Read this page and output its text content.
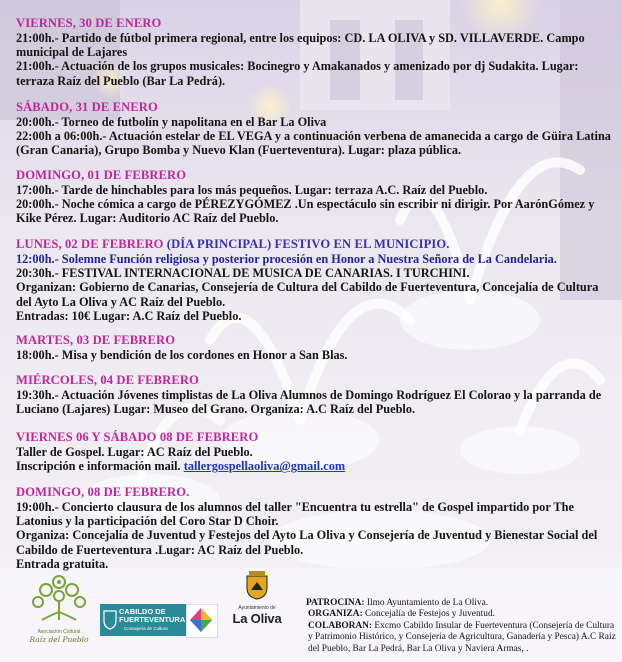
VIERNES, 30 DE ENERO

21:00h.- Partido de fútbol primera regional, entre los equipos: CD. LA OLIVA y SD. VILLAVERDE. Campo municipal de Lajares

21:00h.- Actuación de los grupos musicales: Bocinegro y Amakanados y amenizado por dj Sudakita. Lugar: terraza Raíz del Pueblo (Bar La Pedrá).

SÁBADO, 31 DE ENERO

20:00h.- Torneo de futbolín y napolitana en el Bar La Oliva

22:00h a 06:00h.- Actuación estelar de EL VEGA y a continuación verbena de amanecida a cargo de Güira Latina (Gran Canaria), Grupo Bomba y Nuevo Klan (Fuerteventura). Lugar: plaza pública.

DOMINGO, 01 DE FEBRERO

17:00h.- Tarde de hinchables para los más pequeños. Lugar: terraza A.C. Raíz del Pueblo.

20:00h.- Noche cómica a cargo de PÉREZYGÓMEZ .Un espectáculo sin escribir ni dirigir. Por AarónGómez y Kike Pérez. Lugar: Auditorio AC Raíz del Pueblo.

LUNES, 02 DE FEBRERO (DÍA PRINCIPAL) FESTIVO EN EL MUNICIPIO.

12:00h.- Solemne Función religiosa y posterior procesión en Honor a Nuestra Señora de La Candelaria.

20:30h.- FESTIVAL INTERNACIONAL DE MUSICA DE CANARIAS. I TURCHINI.

Organizan: Gobierno de Canarias, Consejería de Cultura del Cabildo de Fuerteventura, Concejalía de Cultura del Ayto La Oliva y AC Raíz del Pueblo.

Entradas: 10€ Lugar: A.C Raíz del Pueblo.

MARTES, 03 DE FEBRERO

18:00h.- Misa y bendición de los cordones en Honor a San Blas.

MIÉRCOLES, 04 DE FEBRERO

19:30h.- Actuación Jóvenes timplistas de La Oliva Alumnos de Domingo Rodríguez El Colorao y la parranda de Luciano (Lajares) Lugar: Museo del Grano. Organiza: A.C Raíz del Pueblo.

VIERNES 06 Y SÁBADO 08 DE FEBRERO

Taller de Gospel. Lugar: AC Raíz del Pueblo.

Inscripción e información mail. tallergospellaoliva@gmail.com

DOMINGO, 08 DE FEBRERO.

19:00h.- Concierto clausura de los alumnos del taller "Encuentra tu estrella" de Gospel impartido por The Latonius y la participación del Coro Star D Choir.

Organiza: Concejalía de Juventud y Festejos del Ayto La Oliva y Consejería de Juventud y Bienestar Social del Cabildo de Fuerteventura .Lugar: AC Raíz del Pueblo.

Entrada gratuita.

Asociación Cultural
Raíz del Pueblo
CABILDO DE
FUERTEVENTURA
Consejería de Cultura
Ayuntamiento de
La Oliva
PATROCINA: Ilmo Ayuntamiento de La Oliva.
ORGANIZA: Concejalía de Festejos y Juventud.
COLABORAN: Excmo Cabildo Insular de Fuerteventura (Consejería de Cultura y Patrimonio Histórico, y Consejería de Agricultura, Ganadería y Pesca) A.C Raíz del Pueblo, Bar La Pedrá, Bar La Oliva y Naviera Armas, .
